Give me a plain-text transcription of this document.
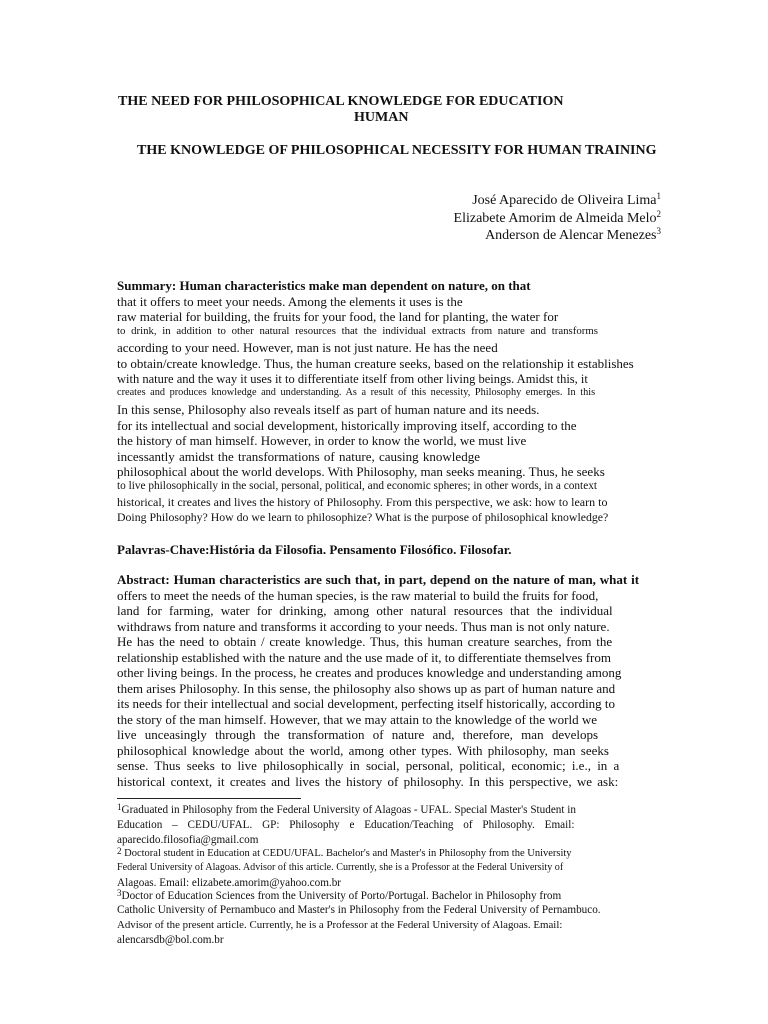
THE NEED FOR PHILOSOPHICAL KNOWLEDGE FOR EDUCATION
HUMAN
THE KNOWLEDGE OF PHILOSOPHICAL NECESSITY FOR HUMAN TRAINING
José Aparecido de Oliveira Lima$^1$
Elizabete Amorim de Almeida Melo$^2$
Anderson de Alencar Menezes$^3$
Summary: Human characteristics make man dependent on nature, on that
that it offers to meet your needs. Among the elements it uses is the
raw material for building, the fruits for your food, the land for planting, the water for
to drink, in addition to other natural resources that the individual extracts from nature and transforms
according to your need. However, man is not just nature. He has the need
to obtain/create knowledge. Thus, the human creature seeks, based on the relationship it establishes
with nature and the way it uses it to differentiate itself from other living beings. Amidst this, it
creates and produces knowledge and understanding. As a result of this necessity, Philosophy emerges. In this
In this sense, Philosophy also reveals itself as part of human nature and its needs.
for its intellectual and social development, historically improving itself, according to the
the history of man himself. However, in order to know the world, we must live
incessantly amidst the transformations of nature, causing knowledge
philosophical about the world develops. With Philosophy, man seeks meaning. Thus, he seeks
to live philosophically in the social, personal, political, and economic spheres; in other words, in a context
historical, it creates and lives the history of Philosophy. From this perspective, we ask: how to learn to
Doing Philosophy? How do we learn to philosophize? What is the purpose of philosophical knowledge?
Palavras-Chave:História da Filosofia. Pensamento Filosófico. Filosofar.
Abstract: Human characteristics are such that, in part, depend on the nature of man, what it
offers to meet the needs of the human species, is the raw material to build the fruits for food,
land for farming, water for drinking, among other natural resources that the individual
withdraws from nature and transforms it according to your needs. Thus man is not only nature.
He has the need to obtain / create knowledge. Thus, this human creature searches, from the
relationship established with the nature and the use made of it, to differentiate themselves from
other living beings. In the process, he creates and produces knowledge and understanding among
them arises Philosophy. In this sense, the philosophy also shows up as part of human nature and
its needs for their intellectual and social development, perfecting itself historically, according to
the story of the man himself. However, that we may attain to the knowledge of the world we
live unceasingly through the transformation of nature and, therefore, man develops
philosophical knowledge about the world, among other types. With philosophy, man seeks
sense. Thus seeks to live philosophically in social, personal, political, economic; i.e., in a
historical context, it creates and lives the history of philosophy. In this perspective, we ask:
$^1$Graduated in Philosophy from the Federal University of Alagoas - UFAL. Special Master's Student in
Education – CEDU/UFAL. GP: Philosophy e Education/Teaching of Philosophy. Email:
aparecido.filosofia@gmail.com
$^2$ Doctoral student in Education at CEDU/UFAL. Bachelor's and Master's in Philosophy from the University
Federal University of Alagoas. Advisor of this article. Currently, she is a Professor at the Federal University of
Alagoas. Email: elizabete.amorim@yahoo.com.br
$^3$Doctor of Education Sciences from the University of Porto/Portugal. Bachelor in Philosophy from
Catholic University of Pernambuco and Master's in Philosophy from the Federal University of Pernambuco.
Advisor of the present article. Currently, he is a Professor at the Federal University of Alagoas. Email:
alencarsdb@bol.com.br
